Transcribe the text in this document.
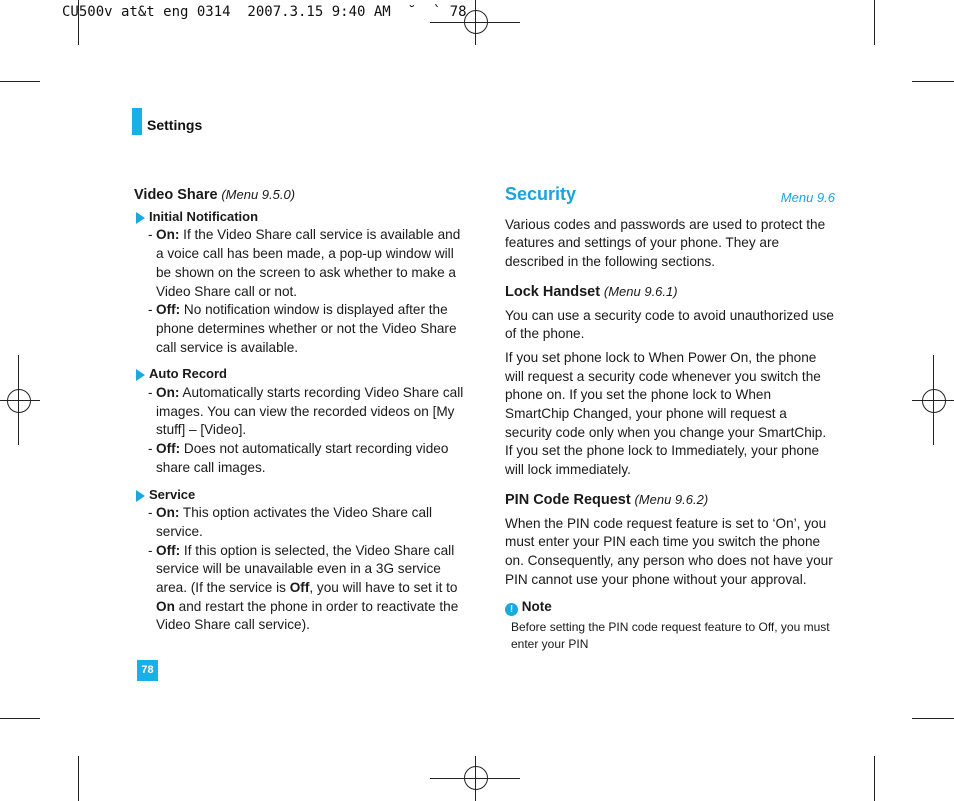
CU500v at&t eng 0314  2007.3.15 9:40 AM  ˘  ` 78
Settings
Video Share (Menu 9.5.0)
Initial Notification
- On: If the Video Share call service is available and a voice call has been made, a pop-up window will be shown on the screen to ask whether to make a Video Share call or not.
- Off: No notification window is displayed after the phone determines whether or not the Video Share call service is available.
Auto Record
- On: Automatically starts recording Video Share call images. You can view the recorded videos on [My stuff] – [Video].
- Off: Does not automatically start recording video share call images.
Service
- On: This option activates the Video Share call service.
- Off: If this option is selected, the Video Share call service will be unavailable even in a 3G service area. (If the service is Off, you will have to set it to On and restart the phone in order to reactivate the Video Share call service).
Security	Menu 9.6
Various codes and passwords are used to protect the features and settings of your phone. They are described in the following sections.
Lock Handset (Menu 9.6.1)
You can use a security code to avoid unauthorized use of the phone.
If you set phone lock to When Power On, the phone will request a security code whenever you switch the phone on. If you set the phone lock to When SmartChip Changed, your phone will request a security code only when you change your SmartChip. If you set the phone lock to Immediately, your phone will lock immediately.
PIN Code Request (Menu 9.6.2)
When the PIN code request feature is set to ‘On’, you must enter your PIN each time you switch the phone on. Consequently, any person who does not have your PIN cannot use your phone without your approval.
! Note
Before setting the PIN code request feature to Off, you must enter your PIN
78
